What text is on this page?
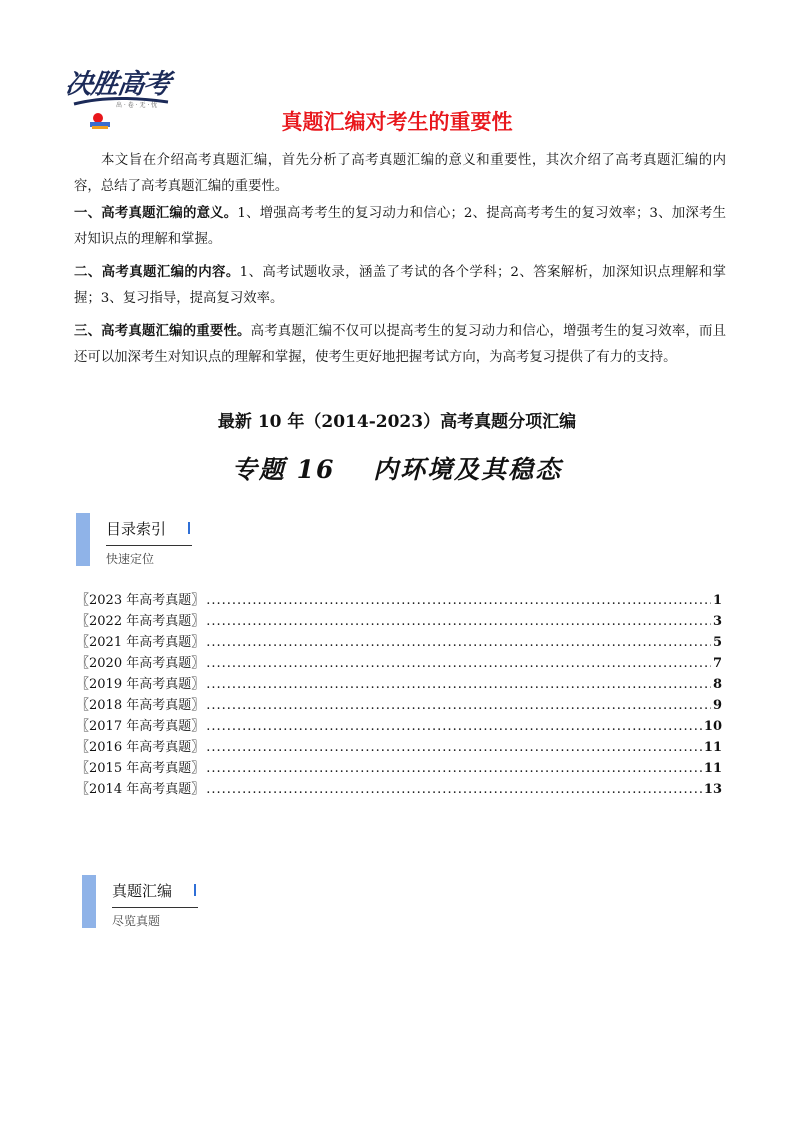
决胜高考
出 · 卷 · 无 · 忧
真题汇编对考生的重要性
本文旨在介绍高考真题汇编，首先分析了高考真题汇编的意义和重要性，其次介绍了高考真题汇编的内容，总结了高考真题汇编的重要性。
一、高考真题汇编的意义。1、增强高考考生的复习动力和信心；2、提高高考考生的复习效率；3、加深考生对知识点的理解和掌握。
二、高考真题汇编的内容。1、高考试题收录，涵盖了考试的各个学科；2、答案解析，加深知识点理解和掌握；3、复习指导，提高复习效率。
三、高考真题汇编的重要性。高考真题汇编不仅可以提高考生的复习动力和信心，增强考生的复习效率，而且还可以加深考生对知识点的理解和掌握，使考生更好地把握考试方向，为高考复习提供了有力的支持。
最新 10 年（2014-2023）高考真题分项汇编
专题 16　 内环境及其稳态
目录索引
快速定位
〖2023 年高考真题〗 .....	1
〖2022 年高考真题〗 .....	3
〖2021 年高考真题〗 .....	5
〖2020 年高考真题〗 .....	7
〖2019 年高考真题〗 .....	8
〖2018 年高考真题〗 .....	9
〖2017 年高考真题〗 .....	10
〖2016 年高考真题〗 .....	11
〖2015 年高考真题〗 .....	11
〖2014 年高考真题〗 .....	13
真题汇编
尽览真题
